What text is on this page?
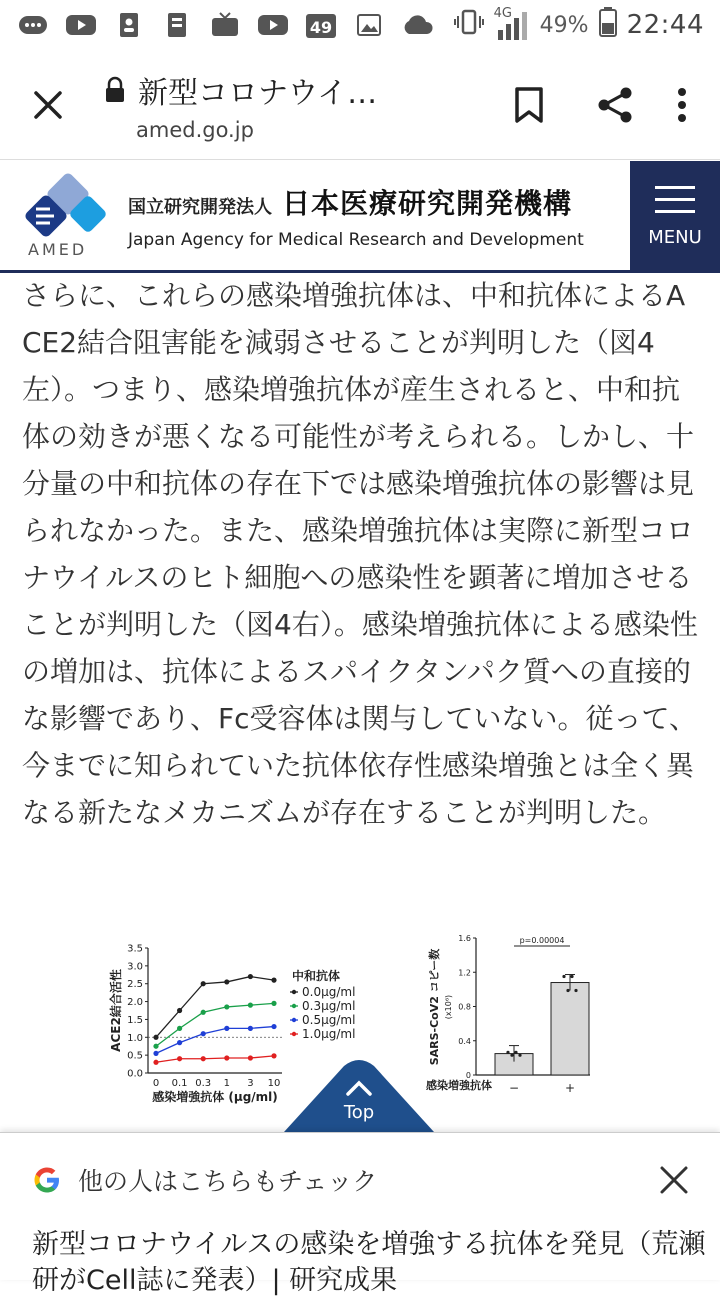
49
4G 49% 22:44
新型コロナウイ…
amed.go.jp
AMED
国立研究開発法人 日本医療研究開発機構
Japan Agency for Medical Research and Development	MENU
さらに、これらの感染増強抗体は、中和抗体によるACE2結合阻害能を減弱させることが判明した（図4左）。つまり、感染増強抗体が産生されると、中和抗体の効きが悪くなる可能性が考えられる。しかし、十分量の中和抗体の存在下では感染増強抗体の影響は見られなかった。また、感染増強抗体は実際に新型コロナウイルスのヒト細胞への感染性を顕著に増加させることが判明した（図4右）。感染増強抗体による感染性の増加は、抗体によるスパイクタンパク質への直接的な影響であり、Fc受容体は関与していない。従って、今までに知られていた抗体依存性感染増強とは全く異なる新たなメカニズムが存在することが判明した。
0.0
0.5
1.0
1.5
2.0
2.5
3.0
3.5
0 0.1 0.3 1 3 10
ACE2結合活性
感染増強抗体 (μg/ml)
中和抗体
0.0μg/ml
0.3μg/ml
0.5μg/ml
1.0μg/ml
0
0.4
0.8
1.2
1.6
SARS-CoV2 コピー数 (x10⁶)
−	+
p=0.00004
感染増強抗体
Top
他の人はこちらもチェック
新型コロナウイルスの感染を増強する抗体を発見（荒瀬研がCell誌に発表）| 研究成果
